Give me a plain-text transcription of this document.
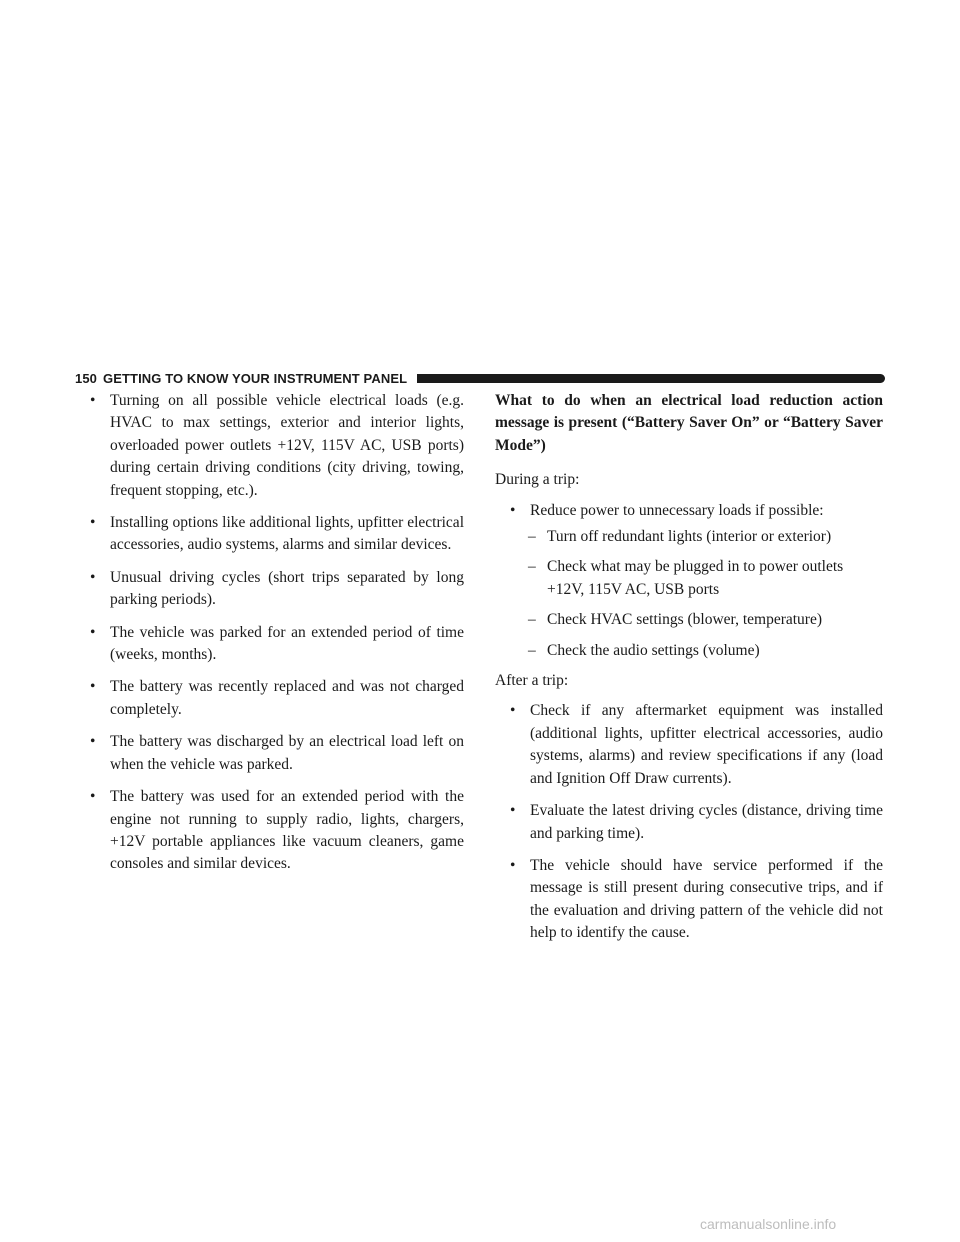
150 GETTING TO KNOW YOUR INSTRUMENT PANEL
• Turning on all possible vehicle electrical loads (e.g. HVAC to max settings, exterior and interior lights, overloaded power outlets +12V, 115V AC, USB ports) during certain driving conditions (city driving, towing, frequent stopping, etc.).
• Installing options like additional lights, upfitter electrical accessories, audio systems, alarms and similar devices.
• Unusual driving cycles (short trips separated by long parking periods).
• The vehicle was parked for an extended period of time (weeks, months).
• The battery was recently replaced and was not charged completely.
• The battery was discharged by an electrical load left on when the vehicle was parked.
• The battery was used for an extended period with the engine not running to supply radio, lights, chargers, +12V portable appliances like vacuum cleaners, game consoles and similar devices.

What to do when an electrical load reduction action message is present (“Battery Saver On” or “Battery Saver Mode”)

During a trip:

• Reduce power to unnecessary loads if possible:
– Turn off redundant lights (interior or exterior)
– Check what may be plugged in to power outlets +12V, 115V AC, USB ports
– Check HVAC settings (blower, temperature)
– Check the audio settings (volume)

After a trip:

• Check if any aftermarket equipment was installed (additional lights, upfitter electrical accessories, audio systems, alarms) and review specifications if any (load and Ignition Off Draw currents).
• Evaluate the latest driving cycles (distance, driving time and parking time).
• The vehicle should have service performed if the message is still present during consecutive trips, and if the evaluation and driving pattern of the vehicle did not help to identify the cause.
carmanualsonline.info
